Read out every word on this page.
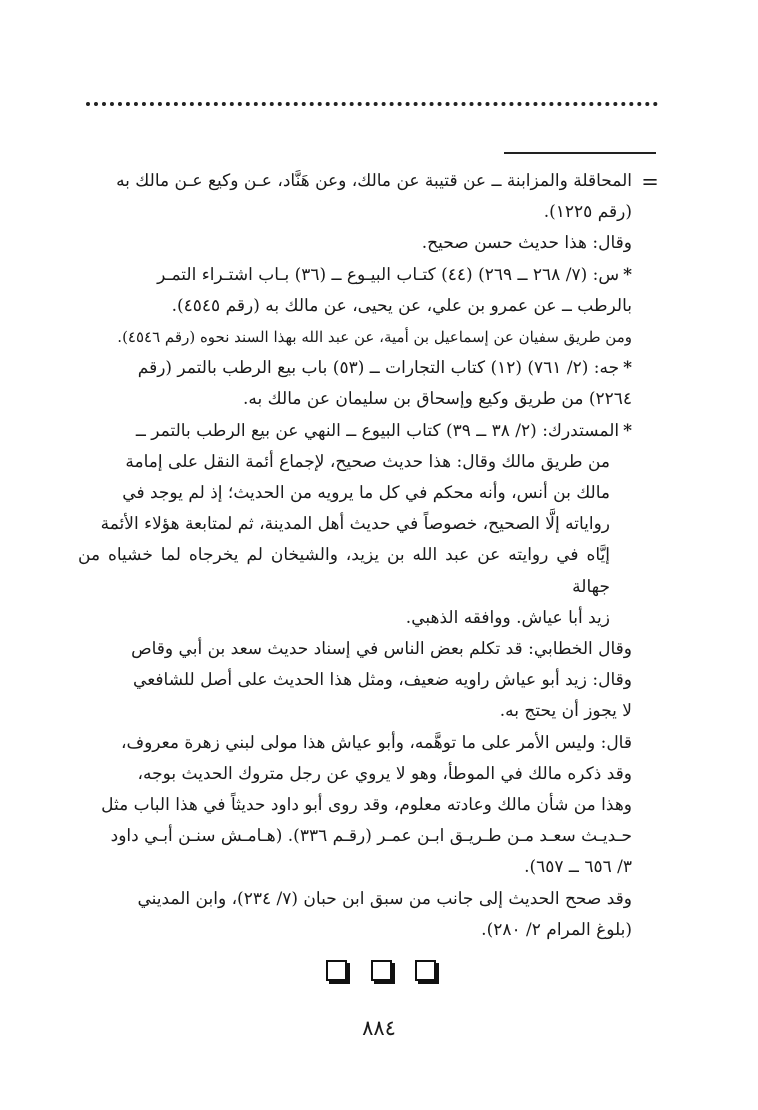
=
المحاقلة والمزابنة ــ عن قتيبة عن مالك، وعن هَنَّاد، عـن وكيع عـن مالك به
(رقم ١٢٢٥).
وقال: هذا حديث حسن صحيح.
*س: (٧/ ٢٦٨ ــ ٢٦٩) (٤٤) كتـاب البيـوع ــ (٣٦) بـاب اشتـراء التمـر
بالرطب ــ عن عمرو بن علي، عن يحيى، عن مالك به (رقم ٤٥٤٥).
ومن طريق سفيان عن إسماعيل بن أمية، عن عبد الله بهذا السند نحوه (رقم ٤٥٤٦).
*جه: (٢/ ٧٦١) (١٢) كتاب التجارات ــ (٥٣) باب بيع الرطب بالتمر (رقم
٢٢٦٤) من طريق وكيع وإسحاق بن سليمان عن مالك به.
*المستدرك: (٢/ ٣٨ ــ ٣٩) كتاب البيوع ــ النهي عن بيع الرطب بالتمر ــ
من طريق مالك وقال: هذا حديث صحيح، لإجماع أئمة النقل على إمامة
مالك بن أنس، وأنه محكم في كل ما يرويه من الحديث؛ إذ لم يوجد في
رواياته إلَّا الصحيح، خصوصاً في حديث أهل المدينة، ثم لمتابعة هؤلاء الأئمة
إيَّاه في روايته عن عبد الله بن يزيد، والشيخان لم يخرجاه لما خشياه من جهالة
زيد أبا عياش. ووافقه الذهبي.
وقال الخطابي: قد تكلم بعض الناس في إسناد حديث سعد بن أبي وقاص
وقال: زيد أبو عياش راويه ضعيف، ومثل هذا الحديث على أصل للشافعي
لا يجوز أن يحتج به.
قال: وليس الأمر على ما توهَّمه، وأبو عياش هذا مولى لبني زهرة معروف،
وقد ذكره مالك في الموطأ، وهو لا يروي عن رجل متروك الحديث بوجه،
وهذا من شأن مالك وعادته معلوم، وقد روى أبو داود حديثاً في هذا الباب مثل
حـديـث سعـد مـن طـريـق ابـن عمـر (رقـم ٣٣٦). (هـامـش سنـن أبـي داود
٣/ ٦٥٦ ــ ٦٥٧).
وقد صحح الحديث إلى جانب من سبق ابن حبان (٧/ ٢٣٤)، وابن المديني
(بلوغ المرام ٢/ ٢٨٠).
٨٨٤
